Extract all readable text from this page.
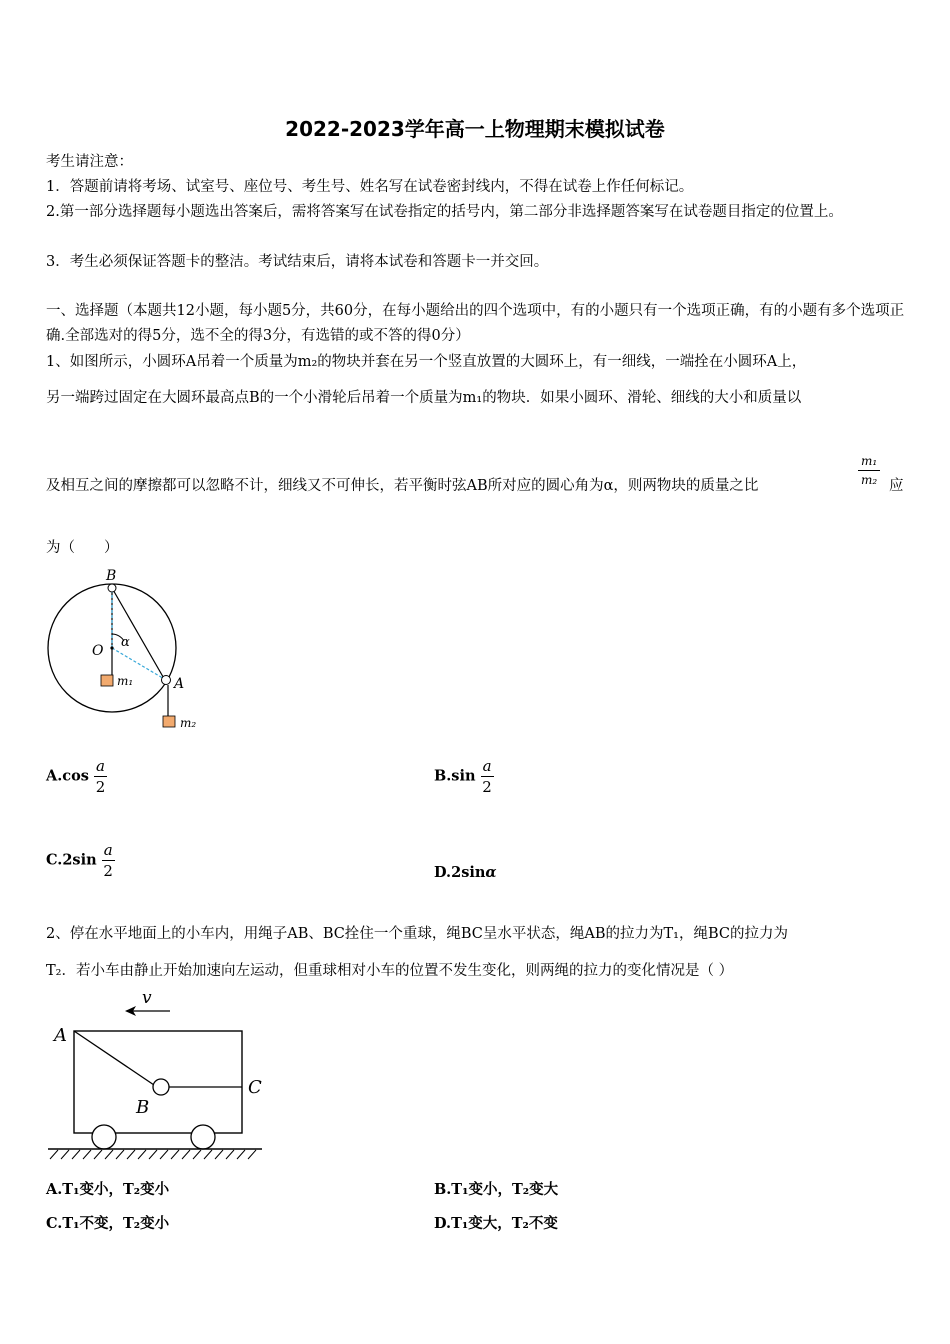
2022-2023学年高一上物理期末模拟试卷
考生请注意：
1．答题前请将考场、试室号、座位号、考生号、姓名写在试卷密封线内，不得在试卷上作任何标记。
2.第一部分选择题每小题选出答案后，需将答案写在试卷指定的括号内，第二部分非选择题答案写在试卷题目指定的位置上。
3．考生必须保证答题卡的整洁。考试结束后，请将本试卷和答题卡一并交回。
一、选择题（本题共12小题，每小题5分，共60分，在每小题给出的四个选项中，有的小题只有一个选项正确，有的小题有多个选项正确.全部选对的得5分，选不全的得3分，有选错的或不答的得0分）
1、如图所示，小圆环A吊着一个质量为m₂的物块并套在另一个竖直放置的大圆环上，有一细线，一端拴在小圆环A上，
另一端跨过固定在大圆环最高点B的一个小滑轮后吊着一个质量为m₁的物块．如果小圆环、滑轮、细线的大小和质量以
及相互之间的摩擦都可以忽略不计，细线又不可伸长，若平衡时弦AB所对应的圆心角为α，则两物块的质量之比	$\frac{\text{m₁}}{\text{m₂}}$ 应
为（　　）
B
O
α
A
m₁
m₂
$A.\cos \frac{a}{2}$	$B.\sin \frac{a}{2}$
$C.2\sin \frac{a}{2}$	D.2sinα
2、停在水平地面上的小车内，用绳子AB、BC拴住一个重球，绳BC呈水平状态，绳AB的拉力为T₁，绳BC的拉力为
T₂．若小车由静止开始加速向左运动，但重球相对小车的位置不发生变化，则两绳的拉力的变化情况是（ ）
v
A
B
C
A.T₁变小，T₂变小	B.T₁变小，T₂变大
C.T₁不变，T₂变小	D.T₁变大，T₂不变
